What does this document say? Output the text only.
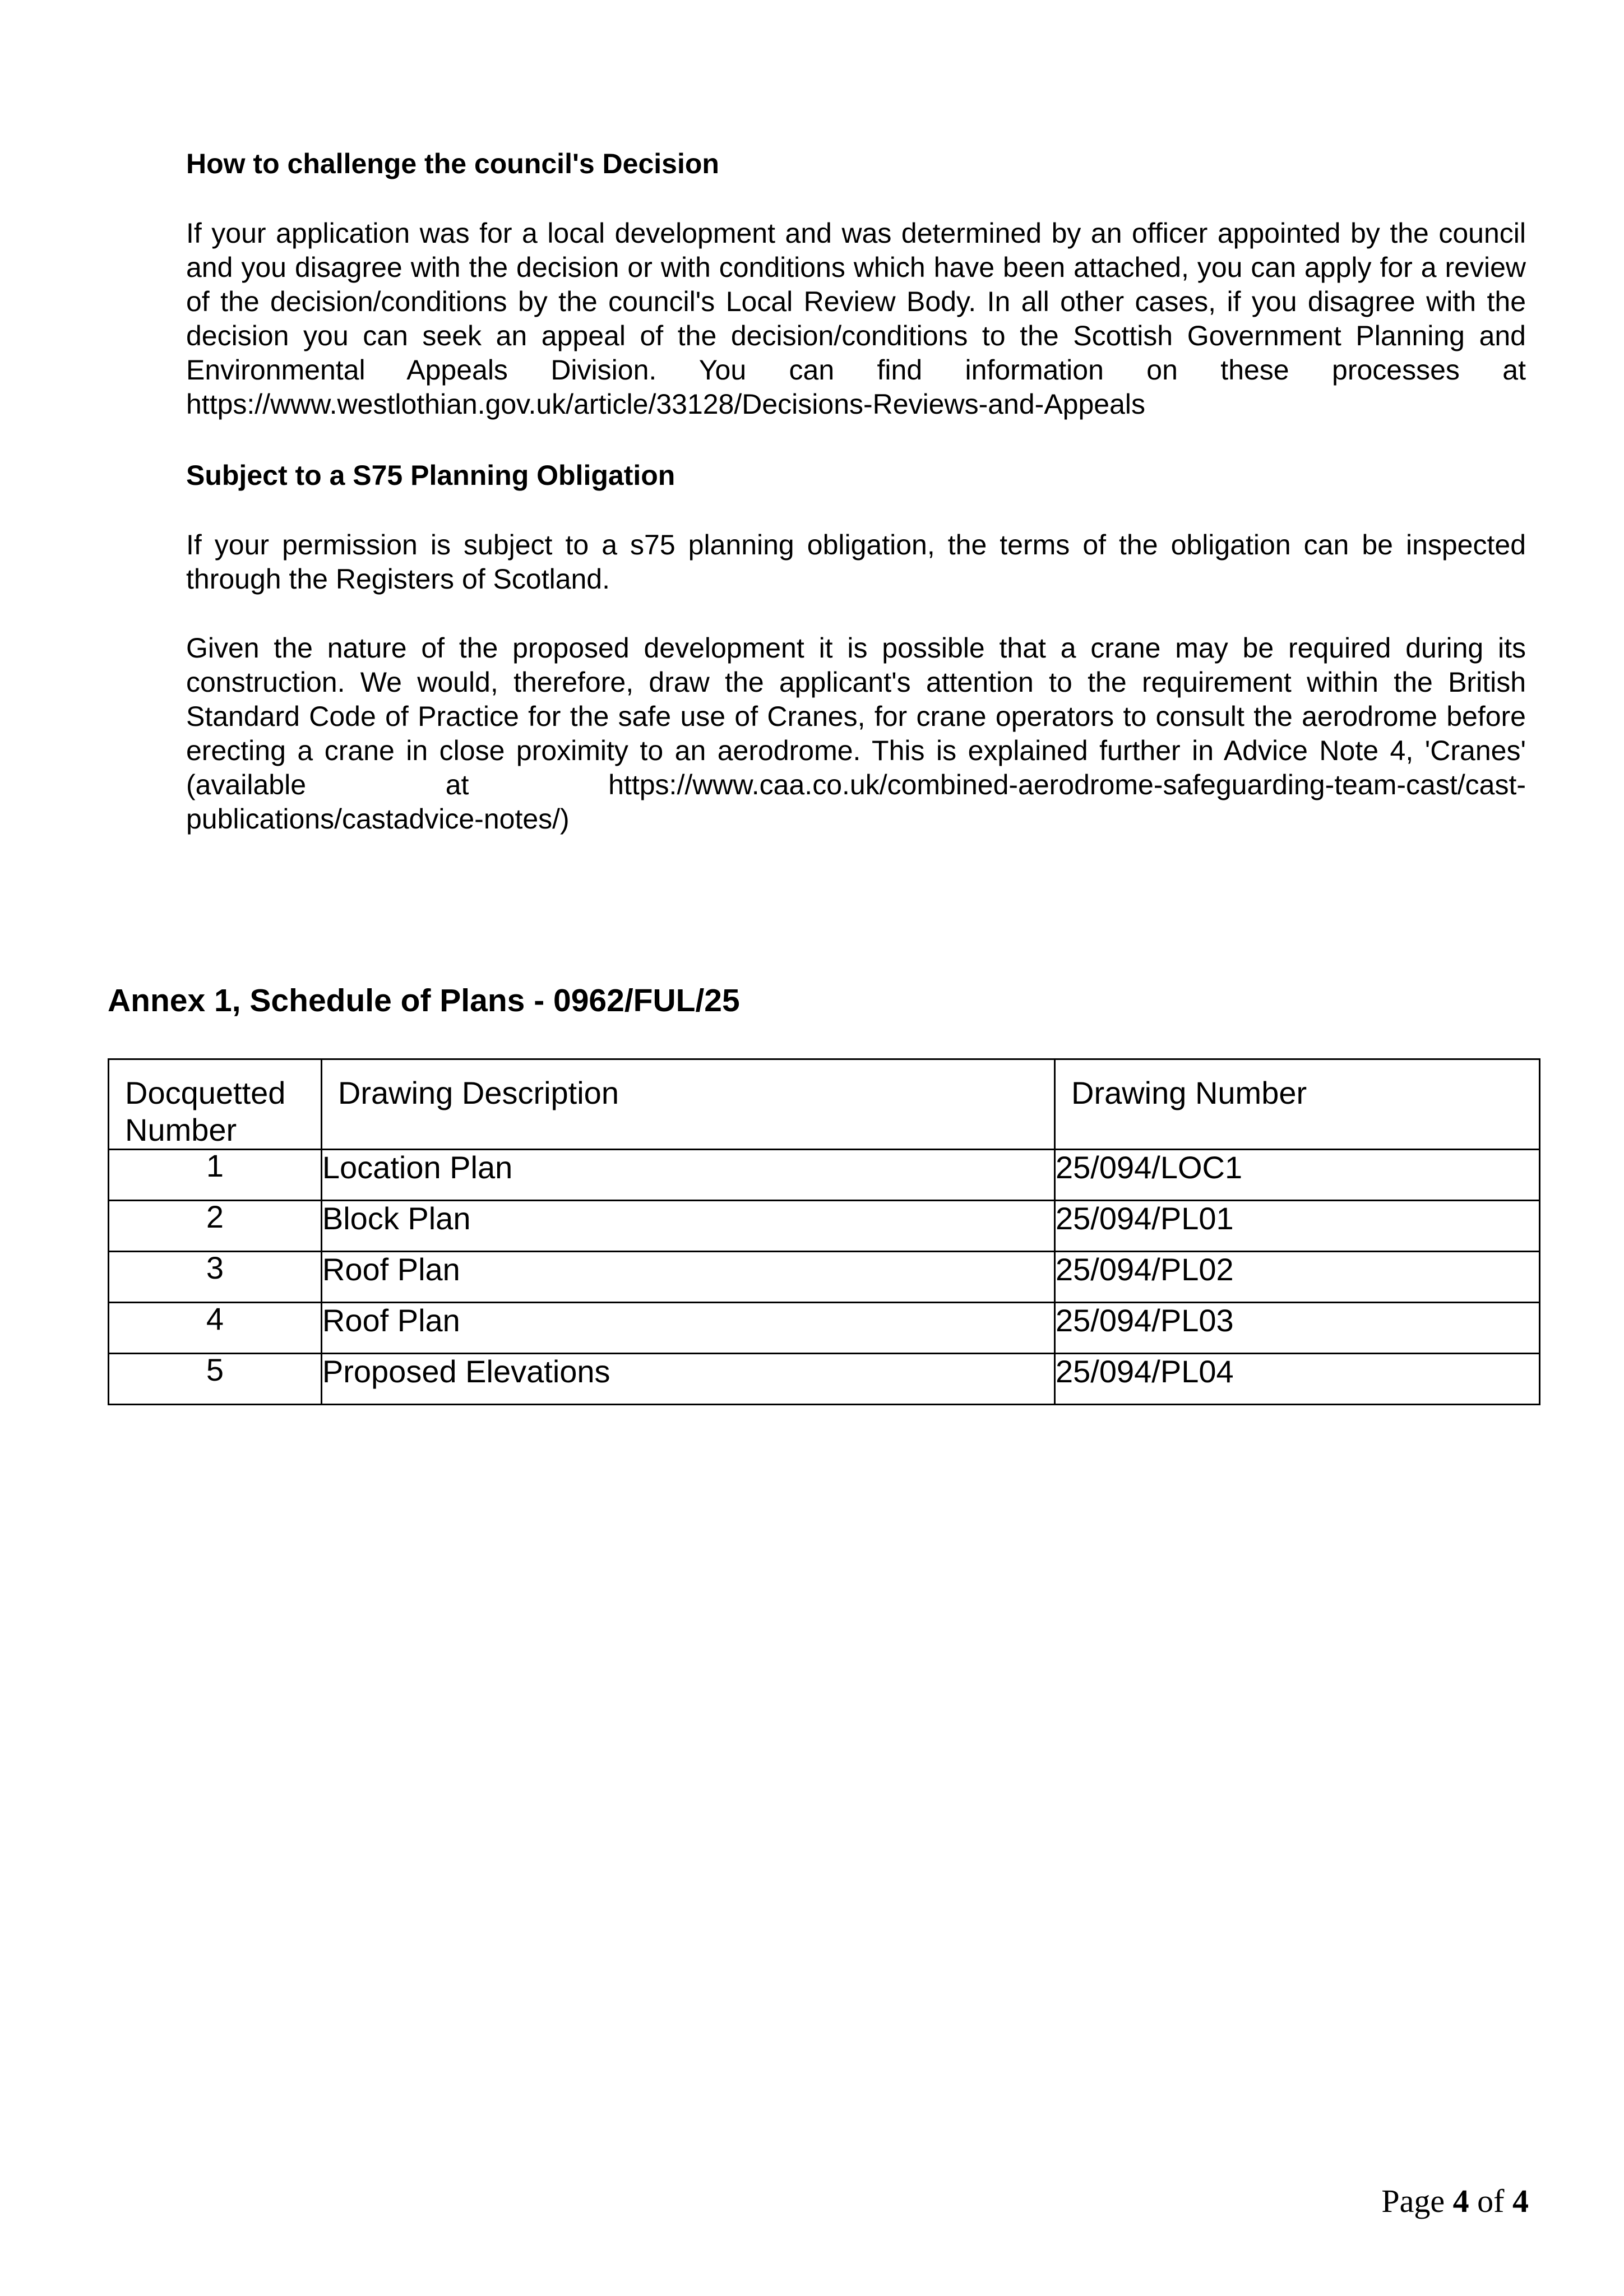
How to challenge the council's Decision

If your application was for a local development and was determined by an officer appointed by the council and you disagree with the decision or with conditions which have been attached, you can apply for a review of the decision/conditions by the council's Local Review Body. In all other cases, if you disagree with the decision you can seek an appeal of the decision/conditions to the Scottish Government Planning and Environmental Appeals Division. You can find information on these processes at https://www.westlothian.gov.uk/article/33128/Decisions-Reviews-and-Appeals

Subject to a S75 Planning Obligation

If your permission is subject to a s75 planning obligation, the terms of the obligation can be inspected through the Registers of Scotland.

Given the nature of the proposed development it is possible that a crane may be required during its construction. We would, therefore, draw the applicant's attention to the requirement within the British Standard Code of Practice for the safe use of Cranes, for crane operators to consult the aerodrome before erecting a crane in close proximity to an aerodrome. This is explained further in Advice Note 4, 'Cranes' (available at https://www.caa.co.uk/combined-aerodrome-safeguarding-team-cast/cast-publications/castadvice-notes/)

Annex 1, Schedule of Plans - 0962/FUL/25

Docquetted Number	Drawing Description	Drawing Number
1	Location Plan	25/094/LOC1
2	Block Plan	25/094/PL01
3	Roof Plan	25/094/PL02
4	Roof Plan	25/094/PL03
5	Proposed Elevations	25/094/PL04
Page 4 of 4
